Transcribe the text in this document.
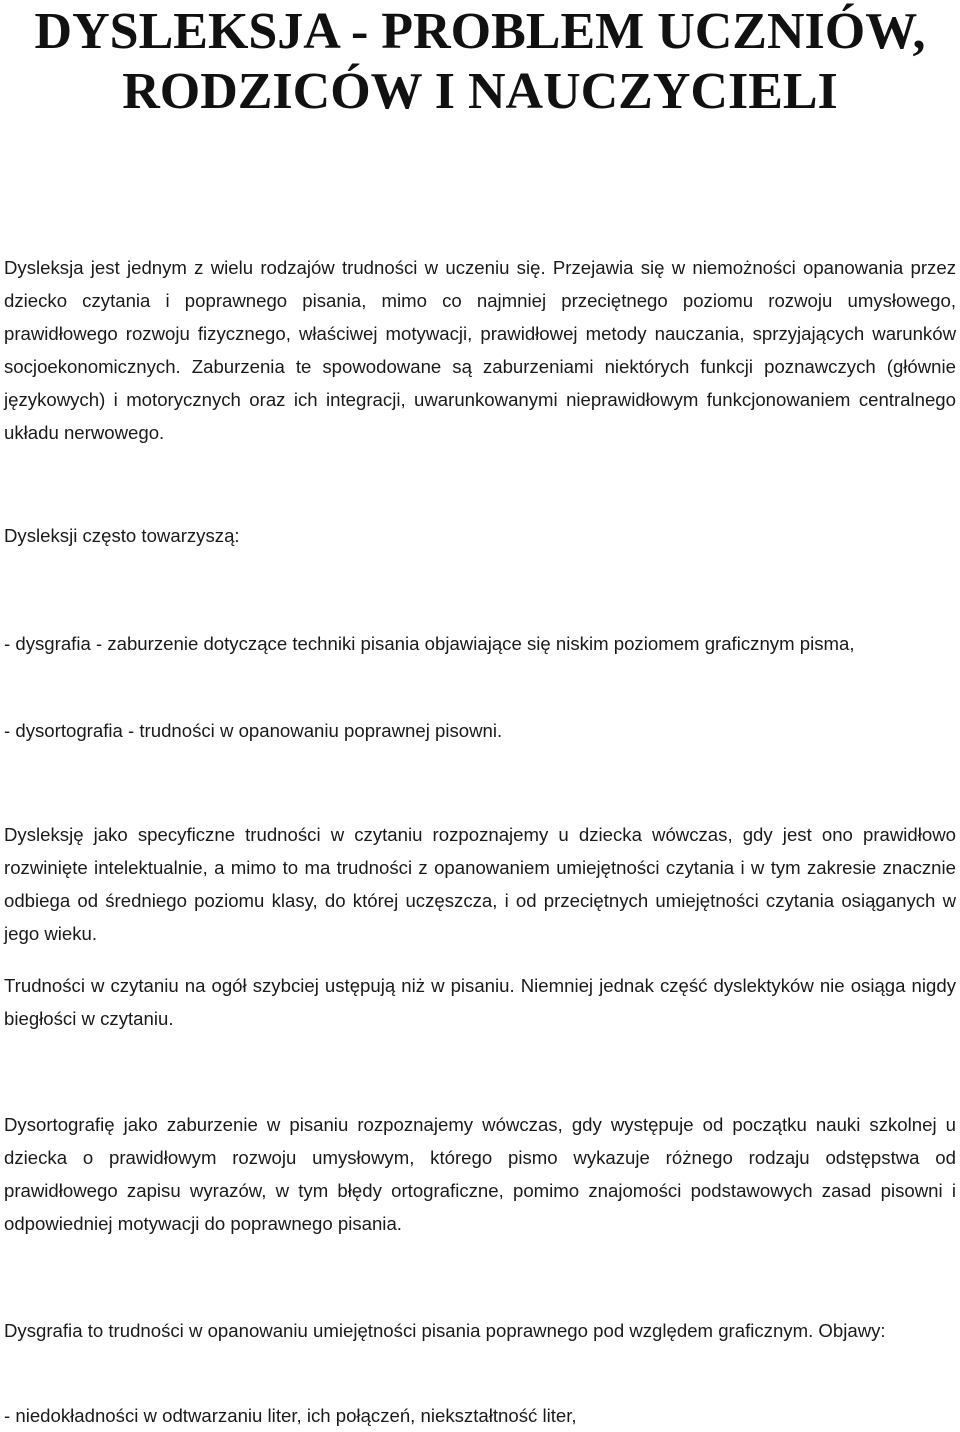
DYSLEKSJA - PROBLEM UCZNIÓW,
RODZICÓW I NAUCZYCIELI

Dysleksja jest jednym z wielu rodzajów trudności w uczeniu się. Przejawia się w niemożności opanowania przez dziecko czytania i poprawnego pisania, mimo co najmniej przeciętnego poziomu rozwoju umysłowego, prawidłowego rozwoju fizycznego, właściwej motywacji, prawidłowej metody nauczania, sprzyjających warunków socjoekonomicznych. Zaburzenia te spowodowane są zaburzeniami niektórych funkcji poznawczych (głównie językowych) i motorycznych oraz ich integracji, uwarunkowanymi nieprawidłowym funkcjonowaniem centralnego układu nerwowego.

Dysleksji często towarzyszą:

- dysgrafia - zaburzenie dotyczące techniki pisania objawiające się niskim poziomem graficznym pisma,

- dysortografia - trudności w opanowaniu poprawnej pisowni.

Dysleksję jako specyficzne trudności w czytaniu rozpoznajemy u dziecka wówczas, gdy jest ono prawidłowo rozwinięte intelektualnie, a mimo to ma trudności z opanowaniem umiejętności czytania i w tym zakresie znacznie odbiega od średniego poziomu klasy, do której uczęszcza, i od przeciętnych umiejętności czytania osiąganych w jego wieku.

Trudności w czytaniu na ogół szybciej ustępują niż w pisaniu. Niemniej jednak część dyslektyków nie osiąga nigdy biegłości w czytaniu.

Dysortografię jako zaburzenie w pisaniu rozpoznajemy wówczas, gdy występuje od początku nauki szkolnej u dziecka o prawidłowym rozwoju umysłowym, którego pismo wykazuje różnego rodzaju odstępstwa od prawidłowego zapisu wyrazów, w tym błędy ortograficzne, pomimo znajomości podstawowych zasad pisowni i odpowiedniej motywacji do poprawnego pisania.

Dysgrafia to trudności w opanowaniu umiejętności pisania poprawnego pod względem graficznym. Objawy:

- niedokładności w odtwarzaniu liter, ich połączeń, niekształtność liter,
